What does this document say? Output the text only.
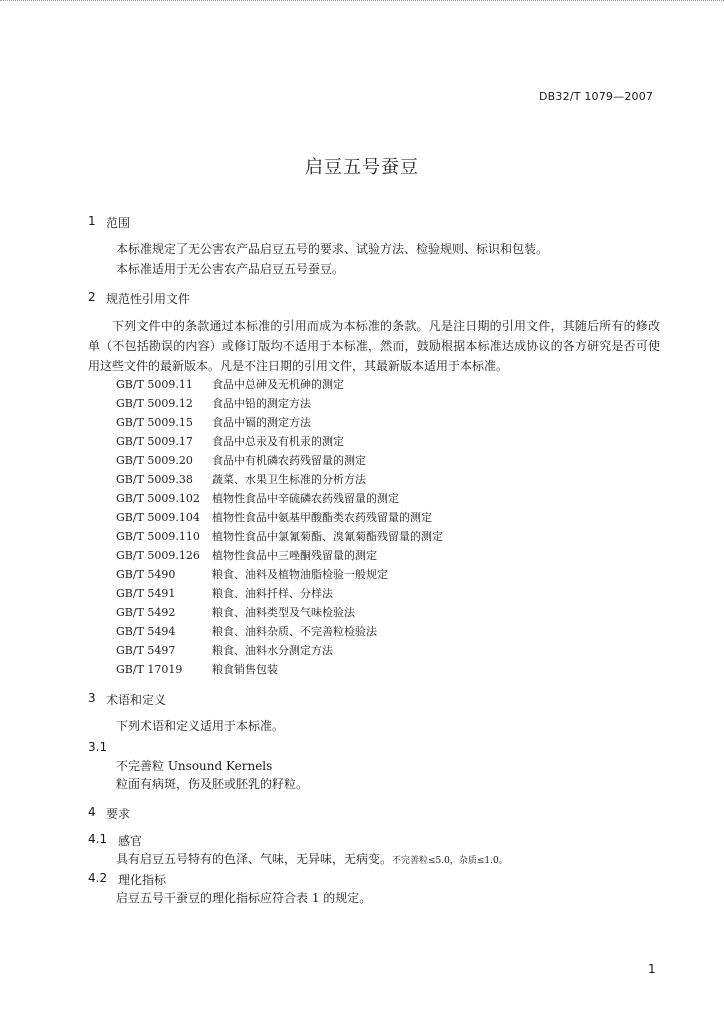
DB32/T 1079—2007
启豆五号蚕豆
1 范围
本标准规定了无公害农产品启豆五号的要求、试验方法、检验规则、标识和包装。
本标准适用于无公害农产品启豆五号蚕豆。
2 规范性引用文件
下列文件中的条款通过本标准的引用而成为本标准的条款。凡是注日期的引用文件，其随后所有的修改单（不包括勘误的内容）或修订版均不适用于本标准，然而，鼓励根据本标准达成协议的各方研究是否可使用这些文件的最新版本。凡是不注日期的引用文件，其最新版本适用于本标准。
GB/T 5009.11 食品中总砷及无机砷的测定
GB/T 5009.12 食品中铅的测定方法
GB/T 5009.15 食品中镉的测定方法
GB/T 5009.17 食品中总汞及有机汞的测定
GB/T 5009.20 食品中有机磷农药残留量的测定
GB/T 5009.38 蔬菜、水果卫生标准的分析方法
GB/T 5009.102 植物性食品中辛硫磷农药残留量的测定
GB/T 5009.104 植物性食品中氨基甲酸酯类农药残留量的测定
GB/T 5009.110 植物性食品中氯氰菊酯、溴氰菊酯残留量的测定
GB/T 5009.126 植物性食品中三唑酮残留量的测定
GB/T 5490	粮食、油料及植物油脂检验一般规定
GB/T 5491	粮食、油料扦样、分样法
GB/T 5492	粮食、油料类型及气味检验法
GB/T 5494	粮食、油料杂质、不完善粒检验法
GB/T 5497	粮食、油料水分测定方法
GB/T 17019	粮食销售包装
3 术语和定义
下列术语和定义适用于本标准。
3.1
不完善粒 Unsound Kernels
粒面有病斑，伤及胚或胚乳的籽粒。
4 要求
4.1 感官
具有启豆五号特有的色泽、气味，无异味，无病变。不完善粒≤5.0，杂质≤1.0。
4.2 理化指标
启豆五号干蚕豆的理化指标应符合表 1 的规定。
1
